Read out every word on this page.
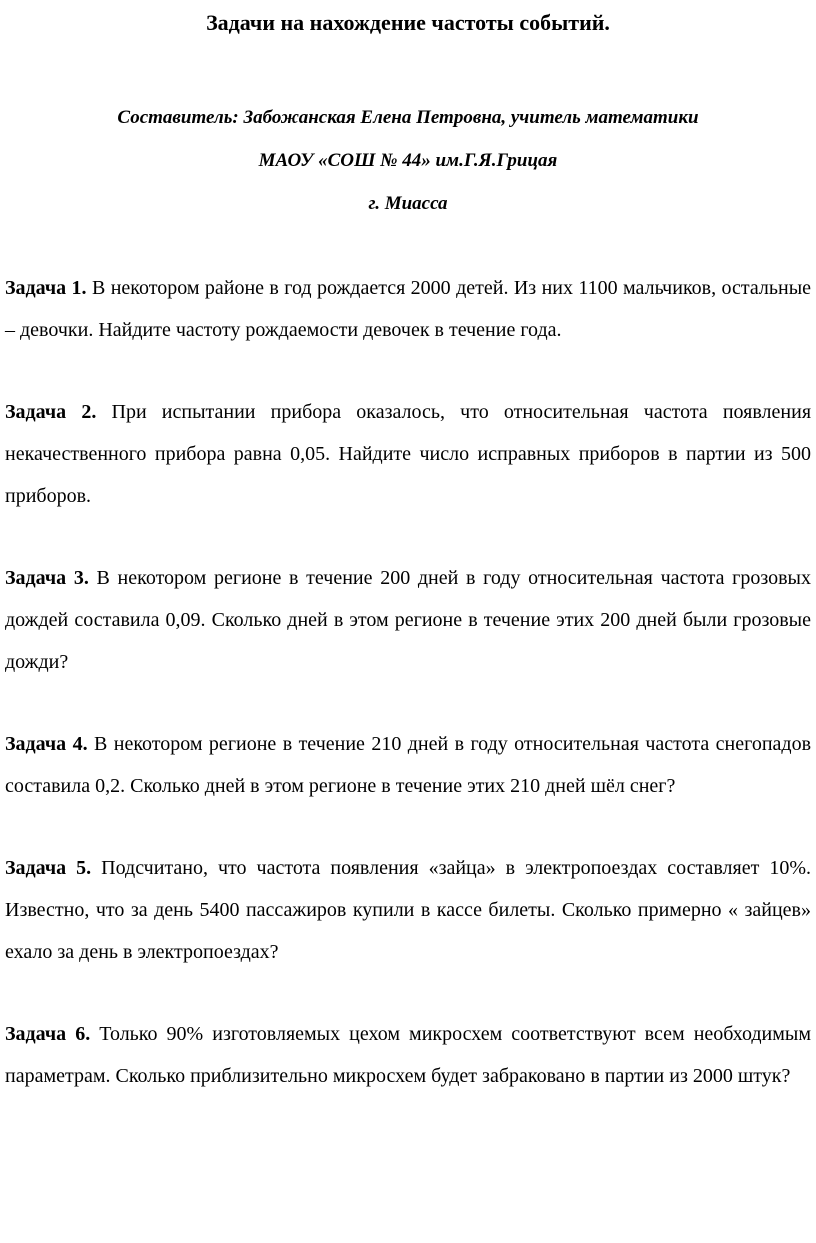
Задачи на нахождение частоты событий.
Составитель: Забожанская Елена Петровна, учитель математики
МАОУ «СОШ № 44» им.Г.Я.Грицая
г. Миасса

Задача 1. В некотором районе в год рождается 2000 детей. Из них 1100 мальчиков, остальные – девочки. Найдите частоту рождаемости девочек в течение года.

Задача 2. При испытании прибора оказалось, что относительная частота появления некачественного прибора равна 0,05. Найдите число исправных приборов в партии из 500 приборов.

Задача 3. В некотором регионе в течение 200 дней в году относительная частота грозовых дождей составила 0,09. Сколько дней в этом регионе в течение этих 200 дней были грозовые дожди?

Задача 4. В некотором регионе в течение 210 дней в году относительная частота снегопадов составила 0,2. Сколько дней в этом регионе в течение этих 210 дней шёл снег?

Задача 5. Подсчитано, что частота появления «зайца» в электропоездах составляет 10%. Известно, что за день 5400 пассажиров купили в кассе билеты. Сколько примерно « зайцев» ехало за день в электропоездах?

Задача 6. Только 90% изготовляемых цехом микросхем соответствуют всем необходимым параметрам. Сколько приблизительно микросхем будет забраковано в партии из 2000 штук?
